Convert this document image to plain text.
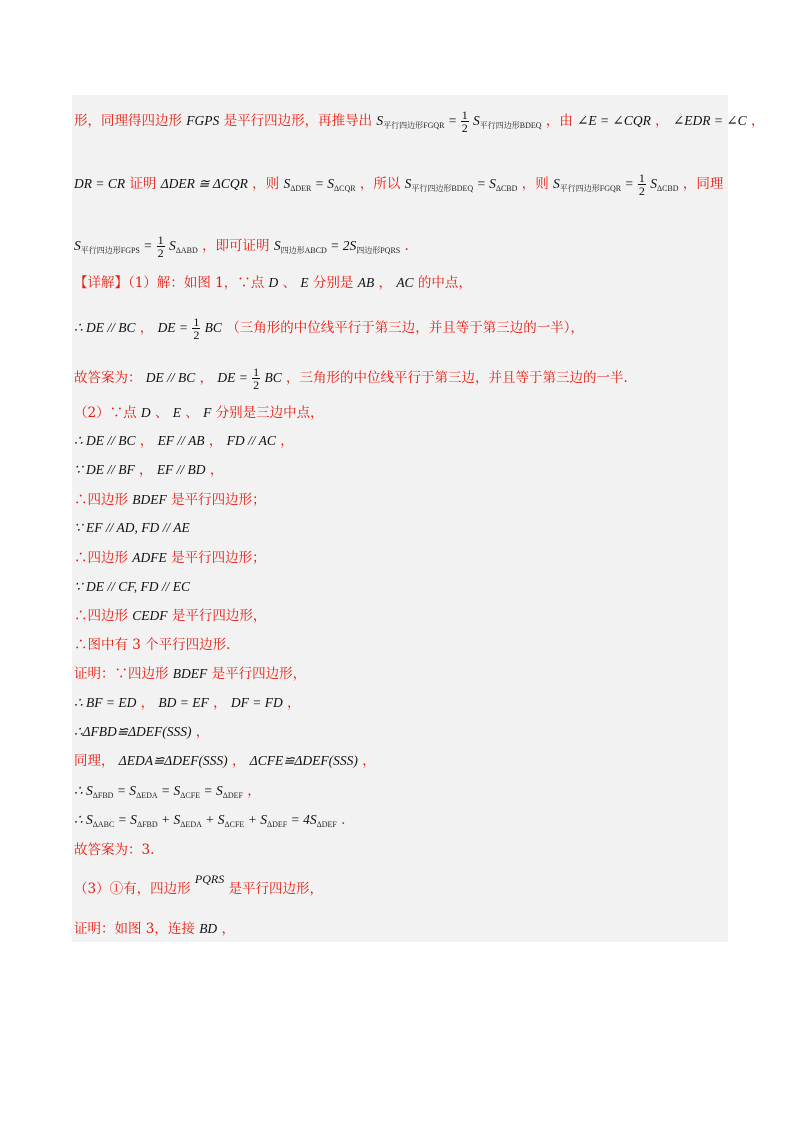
形，同理得四边形 FGPS 是平行四边形，再推导出 $S_{平行四边形FGQR} = \frac{1}{2} S_{平行四边形BDEQ}$ ，由 ∠E = ∠CQR ， ∠EDR = ∠C ，
DR = CR 证明 ΔDER ≅ ΔCQR ，则 $S_{\Delta DER} = S_{\Delta CQR}$ ，所以 $S_{平行四边形BDEQ} = S_{\Delta CBD}$ ，则 $S_{平行四边形FGQR} = \frac{1}{2} S_{\Delta CBD}$ ，同理
$S_{平行四边形FGPS} = \frac{1}{2} S_{\Delta ABD}$ ，即可证明 $S_{四边形ABCD} = 2S_{四边形PQRS}$ .
【详解】（1）解：如图 1，∵点 D 、 E 分别是 AB ， AC 的中点，
∴ DE // BC ， DE = $\frac{1}{2}$ BC （三角形的中位线平行于第三边，并且等于第三边的一半），
故答案为： DE // BC ， DE = $\frac{1}{2}$ BC ，三角形的中位线平行于第三边，并且等于第三边的一半.
（2）∵点 D 、 E 、 F 分别是三边中点，
∴ DE // BC ， EF // AB ， FD // AC ，
∵ DE // BF ， EF // BD ，
∴四边形 BDEF 是平行四边形；
∵ EF // AD, FD // AE
∴四边形 ADFE 是平行四边形；
∵ DE // CF, FD // EC
∴四边形 CEDF 是平行四边形，
∴图中有 3 个平行四边形.
证明：∵四边形 BDEF 是平行四边形，
∴ BF = ED ， BD = EF ， DF = FD ，
∴ΔFBD≌ΔDEF(SSS) ，
同理， ΔEDA≌ΔDEF(SSS) ， ΔCFE≌ΔDEF(SSS) ，
∴ $S_{\Delta FBD} = S_{\Delta EDA} = S_{\Delta CFE} = S_{\Delta DEF}$ ，
∴ $S_{\Delta ABC} = S_{\Delta FBD} + S_{\Delta EDA} + S_{\Delta CFE} + S_{\Delta DEF} = 4S_{\Delta DEF}$ .
故答案为：3.
（3）①有，四边形 PQRS 是平行四边形，
证明：如图 3，连接 BD ，
